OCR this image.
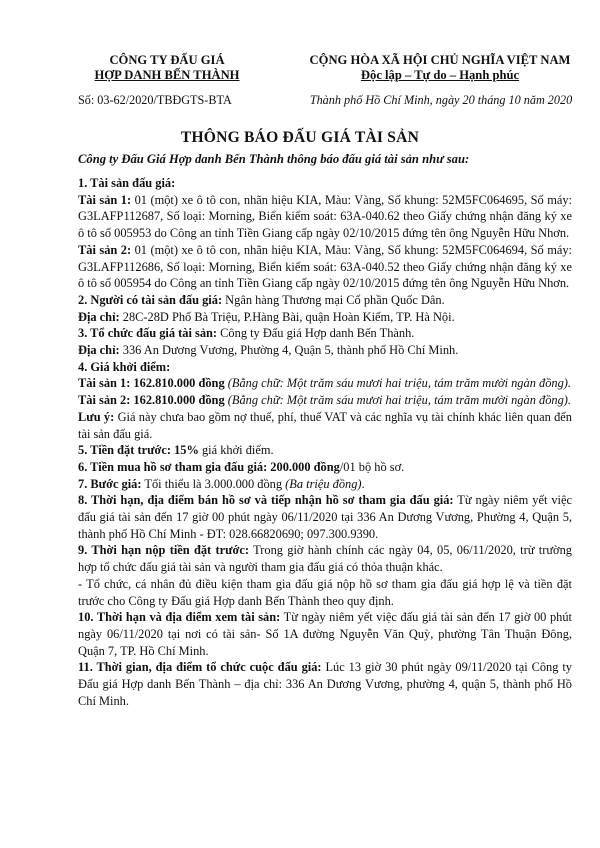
CÔNG TY ĐẤU GIÁ
HỢP DANH BẾN THÀNH
CỘNG HÒA XÃ HỘI CHỦ NGHĨA VIỆT NAM
Độc lập – Tự do – Hạnh phúc
Số: 03-62/2020/TBĐGTS-BTA	Thành phố Hồ Chí Minh, ngày 20 tháng 10 năm 2020
THÔNG BÁO ĐẤU GIÁ TÀI SẢN
Công ty Đấu Giá Hợp danh Bến Thành thông báo đấu giá tài sản như sau:

1. Tài sản đấu giá:

Tài sản 1: 01 (một) xe ô tô con, nhãn hiệu KIA, Màu: Vàng, Số khung: 52M5FC064695, Số máy: G3LAFP112687, Số loại: Morning, Biển kiểm soát: 63A-040.62 theo Giấy chứng nhận đăng ký xe ô tô số 005953 do Công an tỉnh Tiền Giang cấp ngày 02/10/2015 đứng tên ông Nguyễn Hữu Nhơn.

Tài sản 2: 01 (một) xe ô tô con, nhãn hiệu KIA, Màu: Vàng, Số khung: 52M5FC064694, Số máy: G3LAFP112686, Số loại: Morning, Biển kiểm soát: 63A-040.52 theo Giấy chứng nhận đăng ký xe ô tô số 005954 do Công an tỉnh Tiền Giang cấp ngày 02/10/2015 đứng tên ông Nguyễn Hữu Nhơn.

2. Người có tài sản đấu giá: Ngân hàng Thương mại Cổ phần Quốc Dân.

Địa chỉ: 28C-28D Phố Bà Triệu, P.Hàng Bài, quận Hoàn Kiếm, TP. Hà Nội.

3. Tổ chức đấu giá tài sản: Công ty Đấu giá Hợp danh Bến Thành.

Địa chỉ: 336 An Dương Vương, Phường 4, Quận 5, thành phố Hồ Chí Minh.

4. Giá khởi điểm:

Tài sản 1: 162.810.000 đồng (Bằng chữ: Một trăm sáu mươi hai triệu, tám trăm mười ngàn đồng).

Tài sản 2: 162.810.000 đồng (Bằng chữ: Một trăm sáu mươi hai triệu, tám trăm mười ngàn đồng).

Lưu ý: Giá này chưa bao gồm nợ thuế, phí, thuế VAT và các nghĩa vụ tài chính khác liên quan đến tài sản đấu giá.

5. Tiền đặt trước: 15% giá khởi điểm.

6. Tiền mua hồ sơ tham gia đấu giá: 200.000 đồng/01 bộ hồ sơ.

7. Bước giá: Tối thiểu là 3.000.000 đồng (Ba triệu đồng).

8. Thời hạn, địa điểm bán hồ sơ và tiếp nhận hồ sơ tham gia đấu giá: Từ ngày niêm yết việc đấu giá tài sản đến 17 giờ 00 phút ngày 06/11/2020 tại 336 An Dương Vương, Phường 4, Quận 5, thành phố Hồ Chí Minh - ĐT: 028.66820690; 097.300.9390.

9. Thời hạn nộp tiền đặt trước: Trong giờ hành chính các ngày 04, 05, 06/11/2020, trừ trường hợp tổ chức đấu giá tài sản và người tham gia đấu giá có thỏa thuận khác.

- Tổ chức, cá nhân đủ điều kiện tham gia đấu giá nộp hồ sơ tham gia đấu giá hợp lệ và tiền đặt trước cho Công ty Đấu giá Hợp danh Bến Thành theo quy định.

10. Thời hạn và địa điểm xem tài sản: Từ ngày niêm yết việc đấu giá tài sản đến 17 giờ 00 phút ngày 06/11/2020 tại nơi có tài sản- Số 1A đường Nguyễn Văn Quỳ, phường Tân Thuận Đông, Quận 7, TP. Hồ Chí Minh.

11. Thời gian, địa điểm tổ chức cuộc đấu giá: Lúc 13 giờ 30 phút ngày 09/11/2020 tại Công ty Đấu giá Hợp danh Bến Thành – địa chỉ: 336 An Dương Vương, phường 4, quận 5, thành phố Hồ Chí Minh.
